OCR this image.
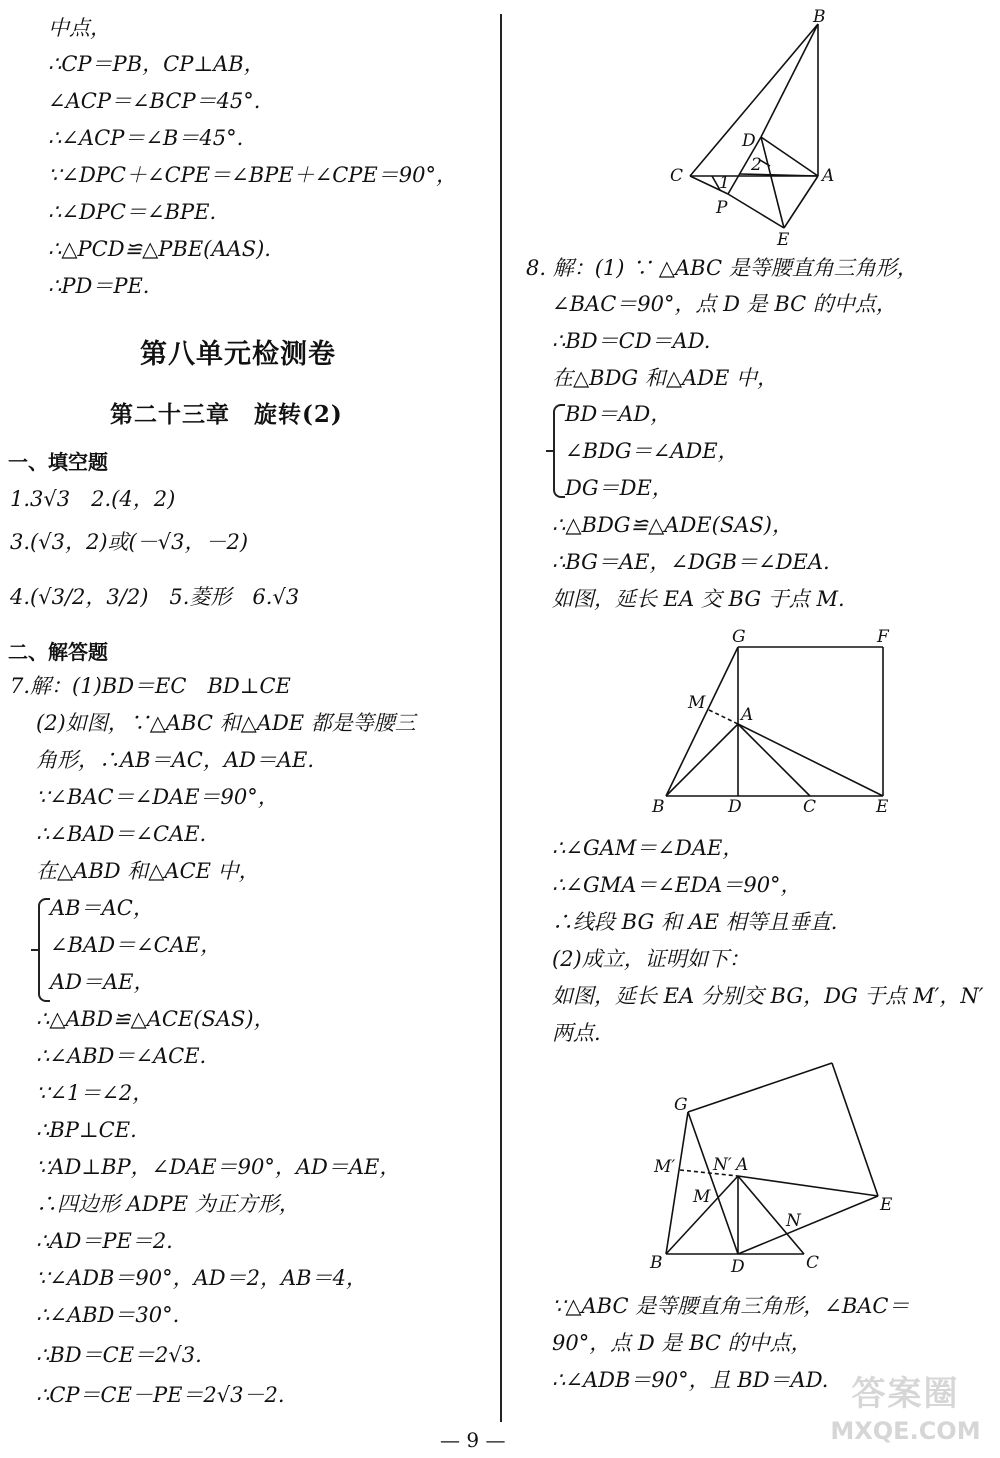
中点，
∴CP＝PB，CP⊥AB，
∠ACP＝∠BCP＝45°.
∴∠ACP＝∠B＝45°.
∵∠DPC＋∠CPE＝∠BPE＋∠CPE＝90°，
∴∠DPC＝∠BPE.
∴△PCD≌△PBE(AAS).
∴PD＝PE.
第八单元检测卷
第二十三章　旋转(2)
一、填空题
1.3√3　2.(4，2)
3.(√3，2)或(－√3，－2)
4.(√3/2，3/2)　5.菱形　6.√3
二、解答题
7.解：(1)BD＝EC　BD⊥CE
(2)如图，∵△ABC 和△ADE 都是等腰三
角形，∴AB＝AC，AD＝AE.
∵∠BAC＝∠DAE＝90°，
∴∠BAD＝∠CAE.
在△ABD 和△ACE 中，
AB＝AC，
∠BAD＝∠CAE，
AD＝AE，
∴△ABD≌△ACE(SAS)，
∴∠ABD＝∠ACE.
∵∠1＝∠2，
∴BP⊥CE.
∵AD⊥BP，∠DAE＝90°，AD＝AE，
∴四边形 ADPE 为正方形，
∴AD＝PE＝2.
∵∠ADB＝90°，AD＝2，AB＝4，
∴∠ABD＝30°.
∴BD＝CE＝2√3.
∴CP＝CE－PE＝2√3－2.
B
D
2
A
C 1
P
E
8. 解：(1) ∵ △ABC 是等腰直角三角形，
∠BAC＝90°，点 D 是 BC 的中点，
∴BD＝CD＝AD.
在△BDG 和△ADE 中，
BD＝AD，
∠BDG＝∠ADE，
DG＝DE，
∴△BDG≌△ADE(SAS)，
∴BG＝AE，∠DGB＝∠DEA.
如图，延长 EA 交 BG 于点 M.
G	F
M
A
B	D	C	E
∴∠GAM＝∠DAE，
∴∠GMA＝∠EDA＝90°，
∴线段 BG 和 AE 相等且垂直.
(2)成立，证明如下：
如图，延长 EA 分别交 BG，DG 于点 M′，N′
两点.
G
M′ N′ A
M
N
E
B	D	C
∵△ABC 是等腰直角三角形，∠BAC＝
90°，点 D 是 BC 的中点，
∴∠ADB＝90°，且 BD＝AD.
— 9 —
答案圈
MXQE.COM
